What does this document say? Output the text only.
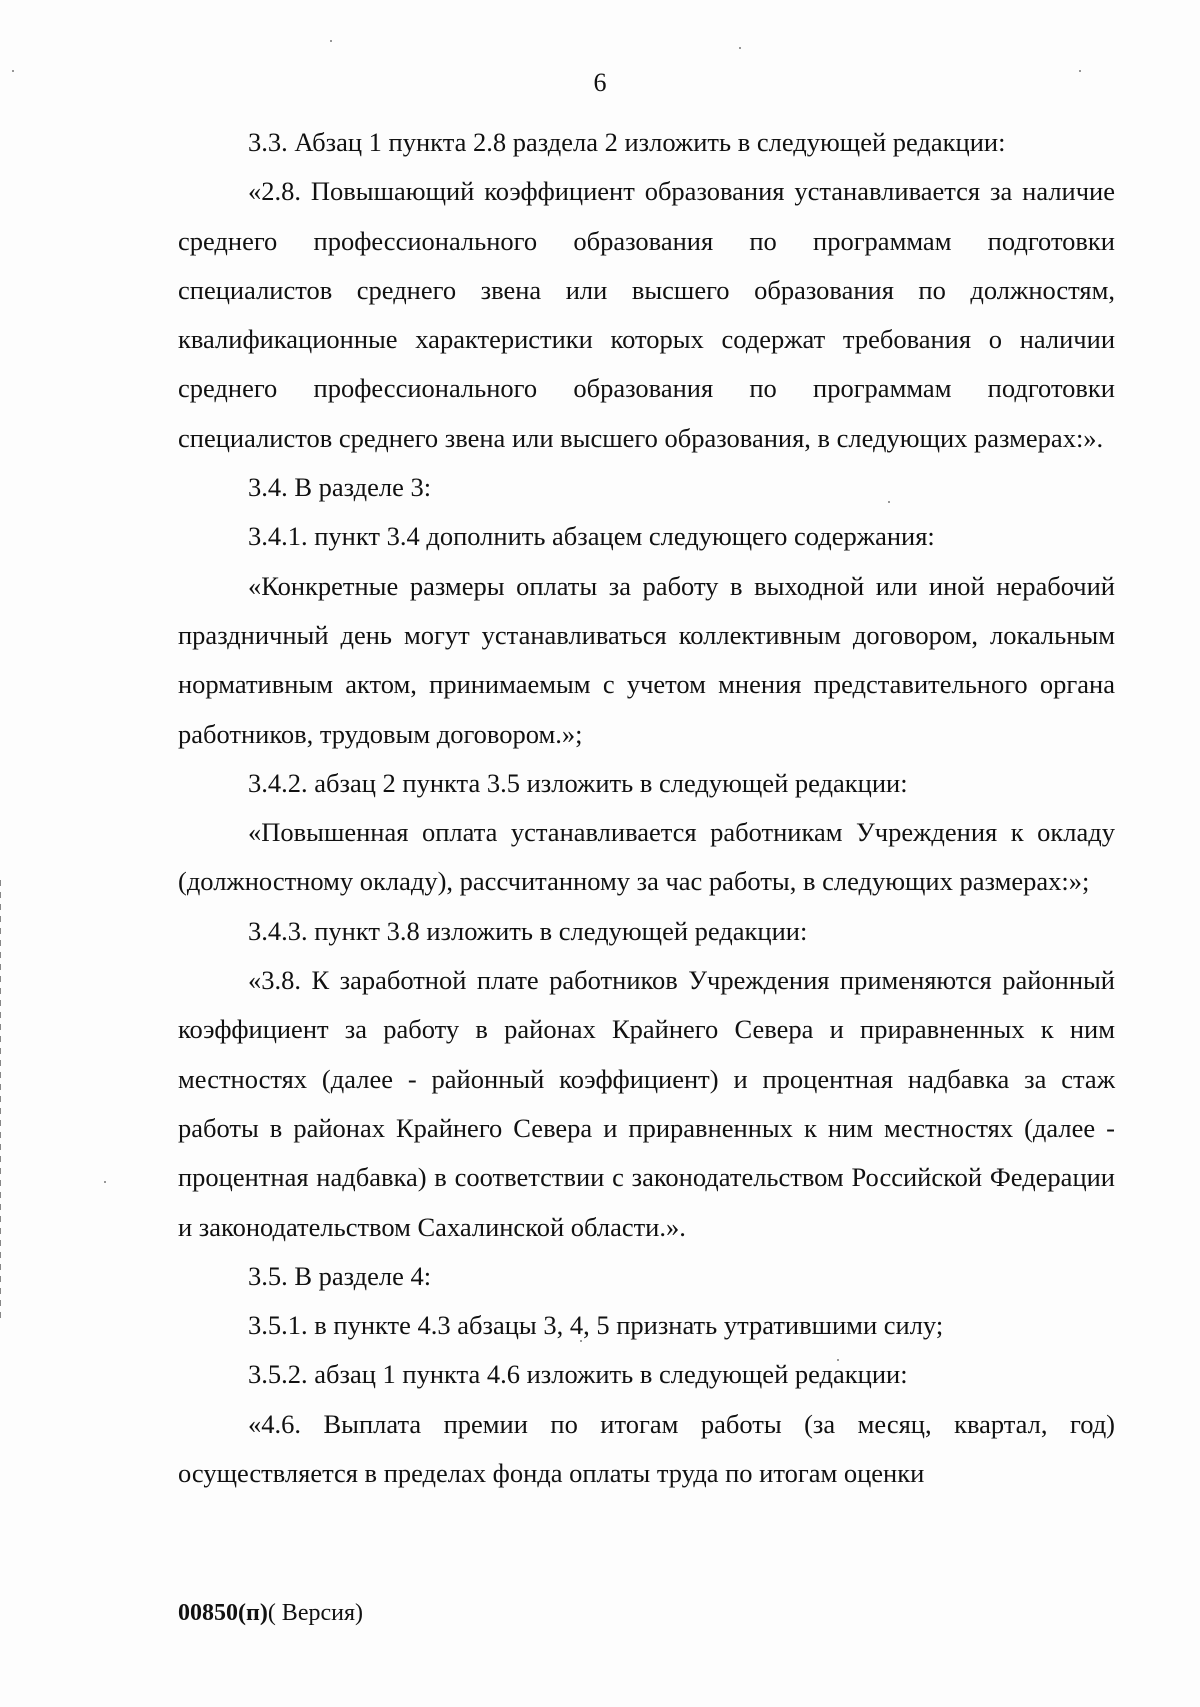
6

3.3. Абзац 1 пункта 2.8 раздела 2 изложить в следующей редакции:

«2.8. Повышающий коэффициент образования устанавливается за наличие среднего профессионального образования по программам подготовки специалистов среднего звена или высшего образования по должностям, квалификационные характеристики которых содержат требования о наличии среднего профессионального образования по программам подготовки специалистов среднего звена или высшего образования, в следующих размерах:».

3.4. В разделе 3:

3.4.1. пункт 3.4 дополнить абзацем следующего содержания:

«Конкретные размеры оплаты за работу в выходной или иной нерабочий праздничный день могут устанавливаться коллективным договором, локальным нормативным актом, принимаемым с учетом мнения представительного органа работников, трудовым договором.»;

3.4.2. абзац 2 пункта 3.5 изложить в следующей редакции:

«Повышенная оплата устанавливается работникам Учреждения к окладу (должностному окладу), рассчитанному за час работы, в следующих размерах:»;

3.4.3. пункт 3.8 изложить в следующей редакции:

«3.8. К заработной плате работников Учреждения применяются районный коэффициент за работу в районах Крайнего Севера и приравненных к ним местностях (далее - районный коэффициент) и процентная надбавка за стаж работы в районах Крайнего Севера и приравненных к ним местностях (далее - процентная надбавка) в соответствии с законодательством Российской Федерации и законодательством Сахалинской области.».

3.5. В разделе 4:

3.5.1. в пункте 4.3 абзацы 3, 4, 5 признать утратившими силу;

3.5.2. абзац 1 пункта 4.6 изложить в следующей редакции:

«4.6. Выплата премии по итогам работы (за месяц, квартал, год) осуществляется в пределах фонда оплаты труда по итогам оценки

00850(п)( Версия)
